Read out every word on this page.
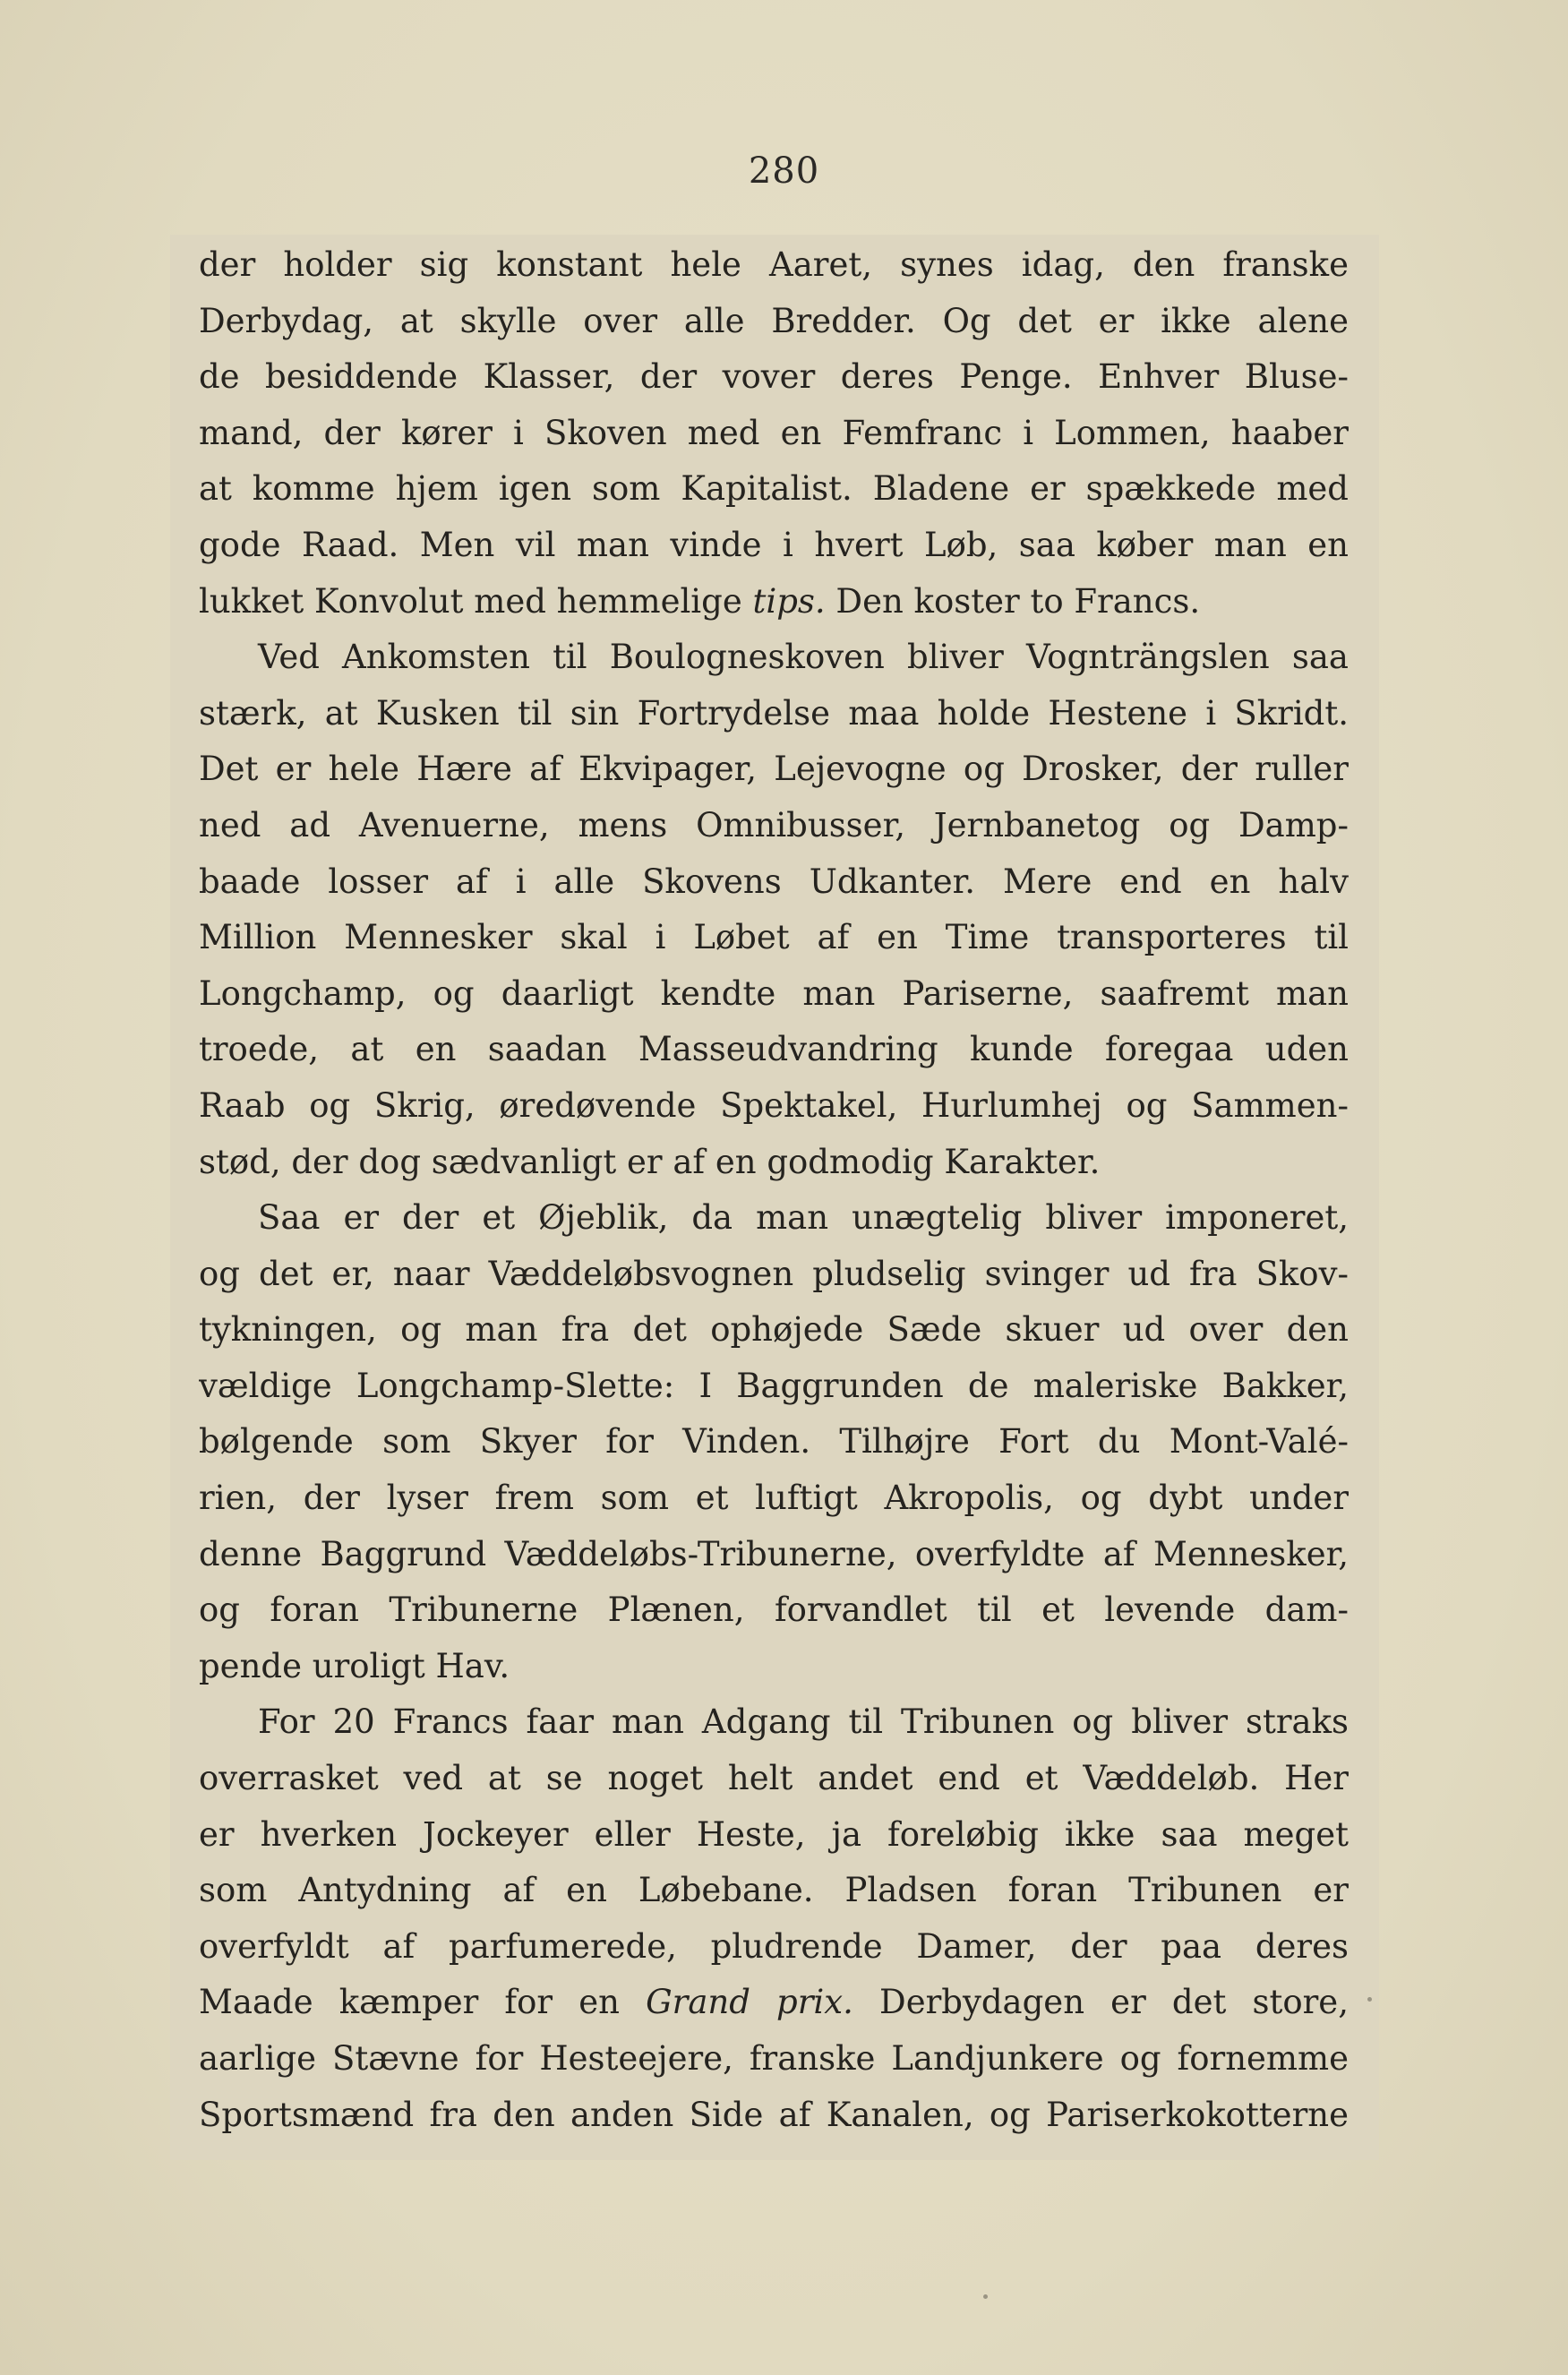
280
der holder sig konstant hele Aaret, synes idag, den franske
Derbydag, at skylle over alle Bredder. Og det er ikke alene
de besiddende Klasser, der vover deres Penge. Enhver Bluse-
mand, der kører i Skoven med en Femfranc i Lommen, haaber
at komme hjem igen som Kapitalist. Bladene er spækkede med
gode Raad. Men vil man vinde i hvert Løb, saa køber man en
lukket Konvolut med hemmelige tips. Den koster to Francs.
Ved Ankomsten til Boulogneskoven bliver Vognträngslen saa
stærk, at Kusken til sin Fortrydelse maa holde Hestene i Skridt.
Det er hele Hære af Ekvipager, Lejevogne og Drosker, der ruller
ned ad Avenuerne, mens Omnibusser, Jernbanetog og Damp-
baade losser af i alle Skovens Udkanter. Mere end en halv
Million Mennesker skal i Løbet af en Time transporteres til
Longchamp, og daarligt kendte man Pariserne, saafremt man
troede, at en saadan Masseudvandring kunde foregaa uden
Raab og Skrig, øredøvende Spektakel, Hurlumhej og Sammen-
stød, der dog sædvanligt er af en godmodig Karakter.
Saa er der et Øjeblik, da man unægtelig bliver imponeret,
og det er, naar Væddeløbsvognen pludselig svinger ud fra Skov-
tykningen, og man fra det ophøjede Sæde skuer ud over den
vældige Longchamp-Slette: I Baggrunden de maleriske Bakker,
bølgende som Skyer for Vinden. Tilhøjre Fort du Mont-Valé-
rien, der lyser frem som et luftigt Akropolis, og dybt under
denne Baggrund Væddeløbs-Tribunerne, overfyldte af Mennesker,
og foran Tribunerne Plænen, forvandlet til et levende dam-
pende uroligt Hav.
For 20 Francs faar man Adgang til Tribunen og bliver straks
overrasket ved at se noget helt andet end et Væddeløb. Her
er hverken Jockeyer eller Heste, ja foreløbig ikke saa meget
som Antydning af en Løbebane. Pladsen foran Tribunen er
overfyldt af parfumerede, pludrende Damer, der paa deres
Maade kæmper for en Grand prix. Derbydagen er det store,
aarlige Stævne for Hesteejere, franske Landjunkere og fornemme
Sportsmænd fra den anden Side af Kanalen, og Pariserkokotterne
